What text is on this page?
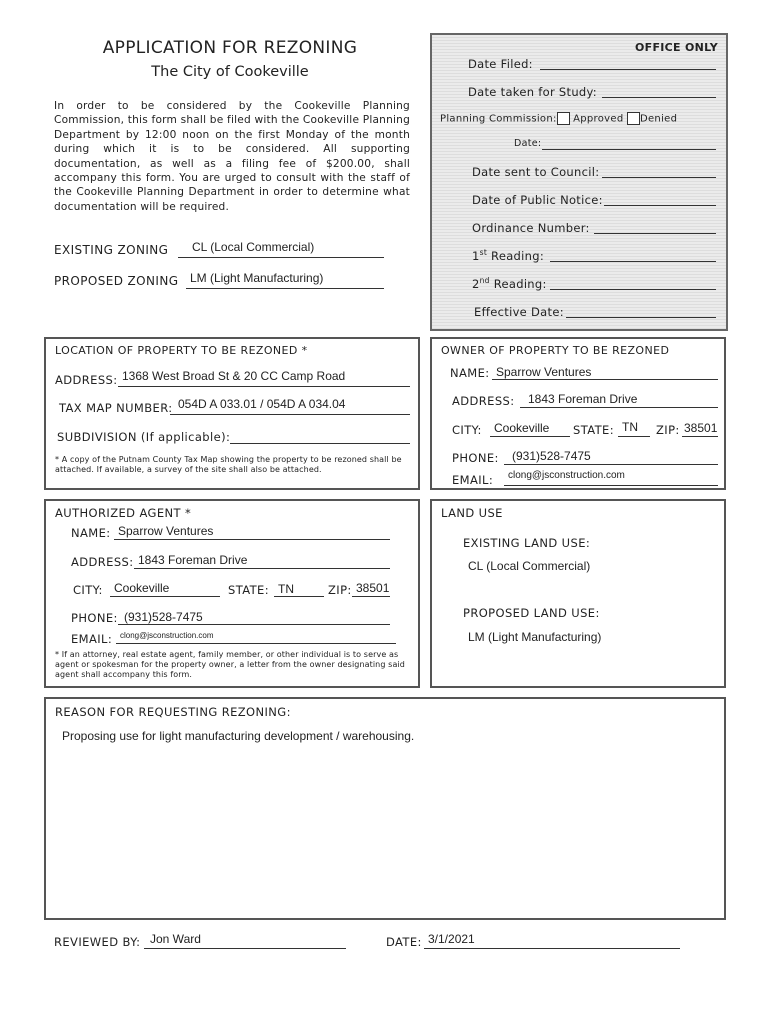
APPLICATION FOR REZONING
The City of Cookeville
In order to be considered by the Cookeville Planning Commission, this form shall be filed with the Cookeville Planning Department by 12:00 noon on the first Monday of the month during which it is to be considered. All supporting documentation, as well as a filing fee of $200.00, shall accompany this form. You are urged to consult with the staff of the Cookeville Planning Department in order to determine what documentation will be required.
EXISTING ZONING CL (Local Commercial)
PROPOSED ZONING LM (Light Manufacturing)
OFFICE ONLY
Date Filed:
Date taken for Study:
Planning Commission: Approved Denied
Date:
Date sent to Council:
Date of Public Notice:
Ordinance Number:
1st Reading:
2nd Reading:
Effective Date:
LOCATION OF PROPERTY TO BE REZONED *
ADDRESS: 1368 West Broad St & 20 CC Camp Road
TAX MAP NUMBER: 054D A 033.01 / 054D A 034.04
SUBDIVISION (If applicable):
* A copy of the Putnam County Tax Map showing the property to be rezoned shall be attached. If available, a survey of the site shall also be attached.
OWNER OF PROPERTY TO BE REZONED
NAME: Sparrow Ventures
ADDRESS: 1843 Foreman Drive
CITY: Cookeville STATE: TN ZIP: 38501
PHONE: (931)528-7475
EMAIL: clong@jsconstruction.com
AUTHORIZED AGENT *
NAME: Sparrow Ventures
ADDRESS: 1843 Foreman Drive
CITY: Cookeville	STATE: TN	ZIP: 38501
PHONE: (931)528-7475
EMAIL: clong@jsconstruction.com
* If an attorney, real estate agent, family member, or other individual is to serve as agent or spokesman for the property owner, a letter from the owner designating said agent shall accompany this form.
LAND USE
EXISTING LAND USE:
CL (Local Commercial)
PROPOSED LAND USE:
LM (Light Manufacturing)
REASON FOR REQUESTING REZONING:
Proposing use for light manufacturing development / warehousing.
REVIEWED BY: Jon Ward	DATE: 3/1/2021
